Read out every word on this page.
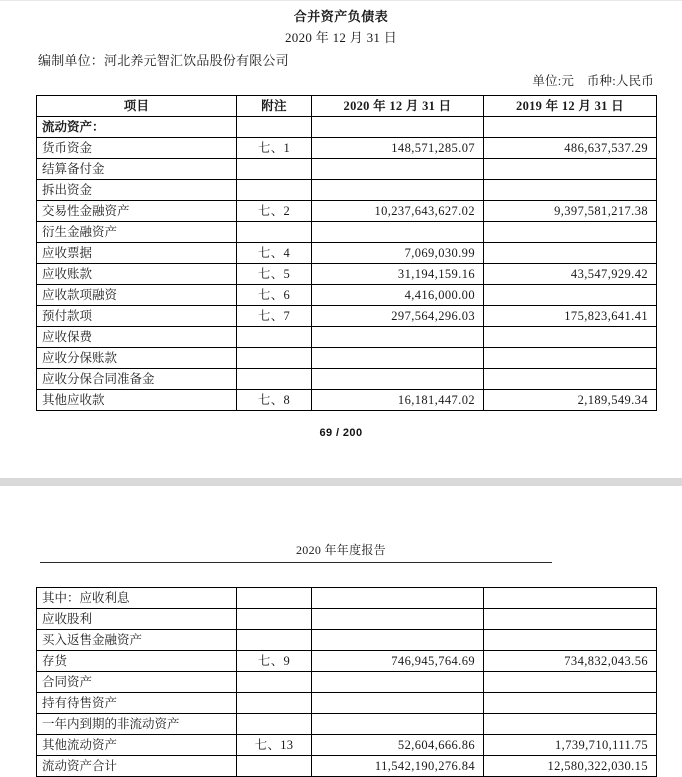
合并资产负债表
2020 年 12 月 31 日
编制单位：河北养元智汇饮品股份有限公司
单位:元　币种:人民币
项目	附注	2020 年 12 月 31 日	2019 年 12 月 31 日
流动资产：			
货币资金	七、1	148,571,285.07	486,637,537.29
结算备付金			
拆出资金			
交易性金融资产	七、2	10,237,643,627.02	9,397,581,217.38
衍生金融资产			
应收票据	七、4	7,069,030.99	
应收账款	七、5	31,194,159.16	43,547,929.42
应收款项融资	七、6	4,416,000.00	
预付款项	七、7	297,564,296.03	175,823,641.41
应收保费			
应收分保账款			
应收分保合同准备金			
其他应收款	七、8	16,181,447.02	2,189,549.34
69 / 200
2020 年年度报告
其中：应收利息			
应收股利			
买入返售金融资产			
存货	七、9	746,945,764.69	734,832,043.56
合同资产			
持有待售资产			
一年内到期的非流动资产			
其他流动资产	七、13	52,604,666.86	1,739,710,111.75
流动资产合计		11,542,190,276.84	12,580,322,030.15
